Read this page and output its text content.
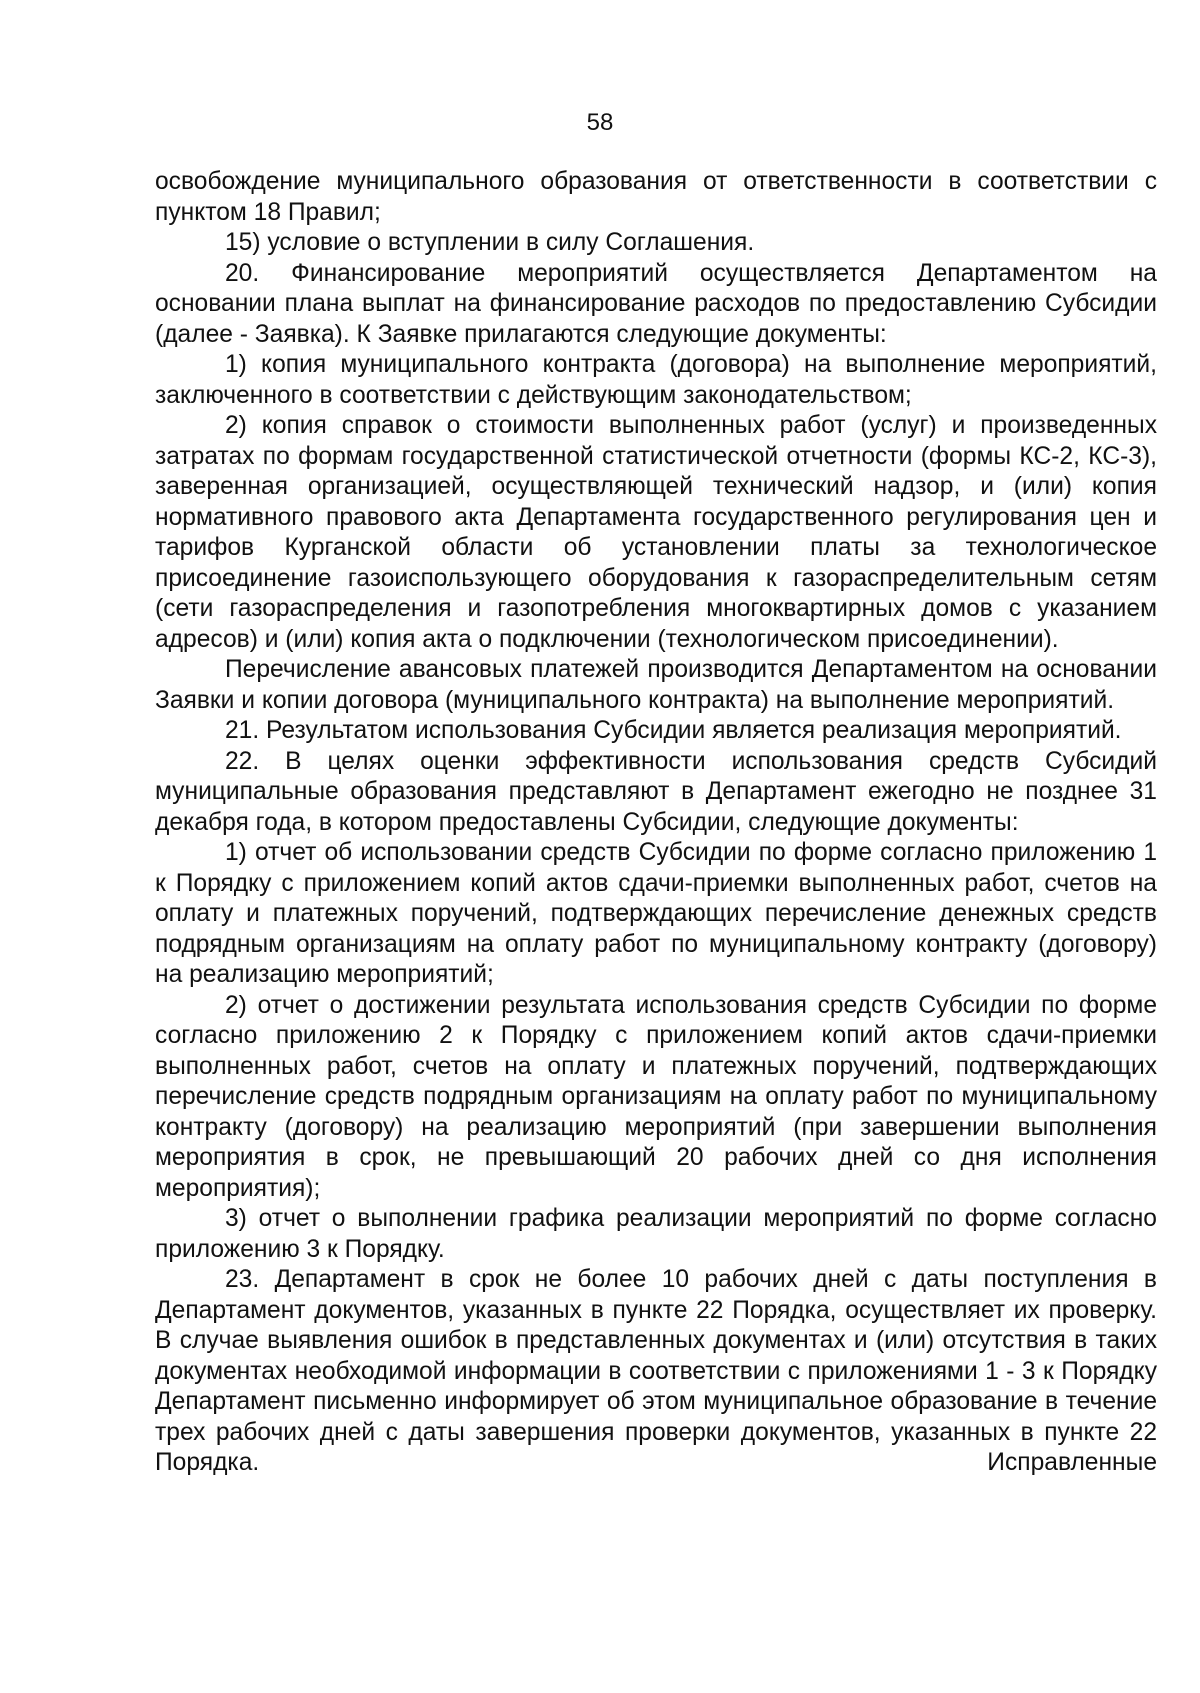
58

освобождение муниципального образования от ответственности в соответствии с пунктом 18 Правил;

15) условие о вступлении в силу Соглашения.

20. Финансирование мероприятий осуществляется Департаментом на основании плана выплат на финансирование расходов по предоставлению Субсидии (далее - Заявка). К Заявке прилагаются следующие документы:

1) копия муниципального контракта (договора) на выполнение мероприятий, заключенного в соответствии с действующим законодательством;

2) копия справок о стоимости выполненных работ (услуг) и произведенных затратах по формам государственной статистической отчетности (формы КС-2, КС-3), заверенная организацией, осуществляющей технический надзор, и (или) копия нормативного правового акта Департамента государственного регулирования цен и тарифов Курганской области об установлении платы за технологическое присоединение газоиспользующего оборудования к газораспределительным сетям (сети газораспределения и газопотребления многоквартирных домов с указанием адресов) и (или) копия акта о подключении (технологическом присоединении).

Перечисление авансовых платежей производится Департаментом на основании Заявки и копии договора (муниципального контракта) на выполнение мероприятий.

21. Результатом использования Субсидии является реализация мероприятий.

22. В целях оценки эффективности использования средств Субсидий муниципальные образования представляют в Департамент ежегодно не позднее 31 декабря года, в котором предоставлены Субсидии, следующие документы:

1) отчет об использовании средств Субсидии по форме согласно приложению 1 к Порядку с приложением копий актов сдачи-приемки выполненных работ, счетов на оплату и платежных поручений, подтверждающих перечисление денежных средств подрядным организациям на оплату работ по муниципальному контракту (договору) на реализацию мероприятий;

2) отчет о достижении результата использования средств Субсидии по форме согласно приложению 2 к Порядку с приложением копий актов сдачи-приемки выполненных работ, счетов на оплату и платежных поручений, подтверждающих перечисление средств подрядным организациям на оплату работ по муниципальному контракту (договору) на реализацию мероприятий (при завершении выполнения мероприятия в срок, не превышающий 20 рабочих дней со дня исполнения мероприятия);

3) отчет о выполнении графика реализации мероприятий по форме согласно приложению 3 к Порядку.

23. Департамент в срок не более 10 рабочих дней с даты поступления в Департамент документов, указанных в пункте 22 Порядка, осуществляет их проверку. В случае выявления ошибок в представленных документах и (или) отсутствия в таких документах необходимой информации в соответствии с приложениями 1 - 3 к Порядку Департамент письменно информирует об этом муниципальное образование в течение трех рабочих дней с даты завершения проверки документов, указанных в пункте 22 Порядка. Исправленные
